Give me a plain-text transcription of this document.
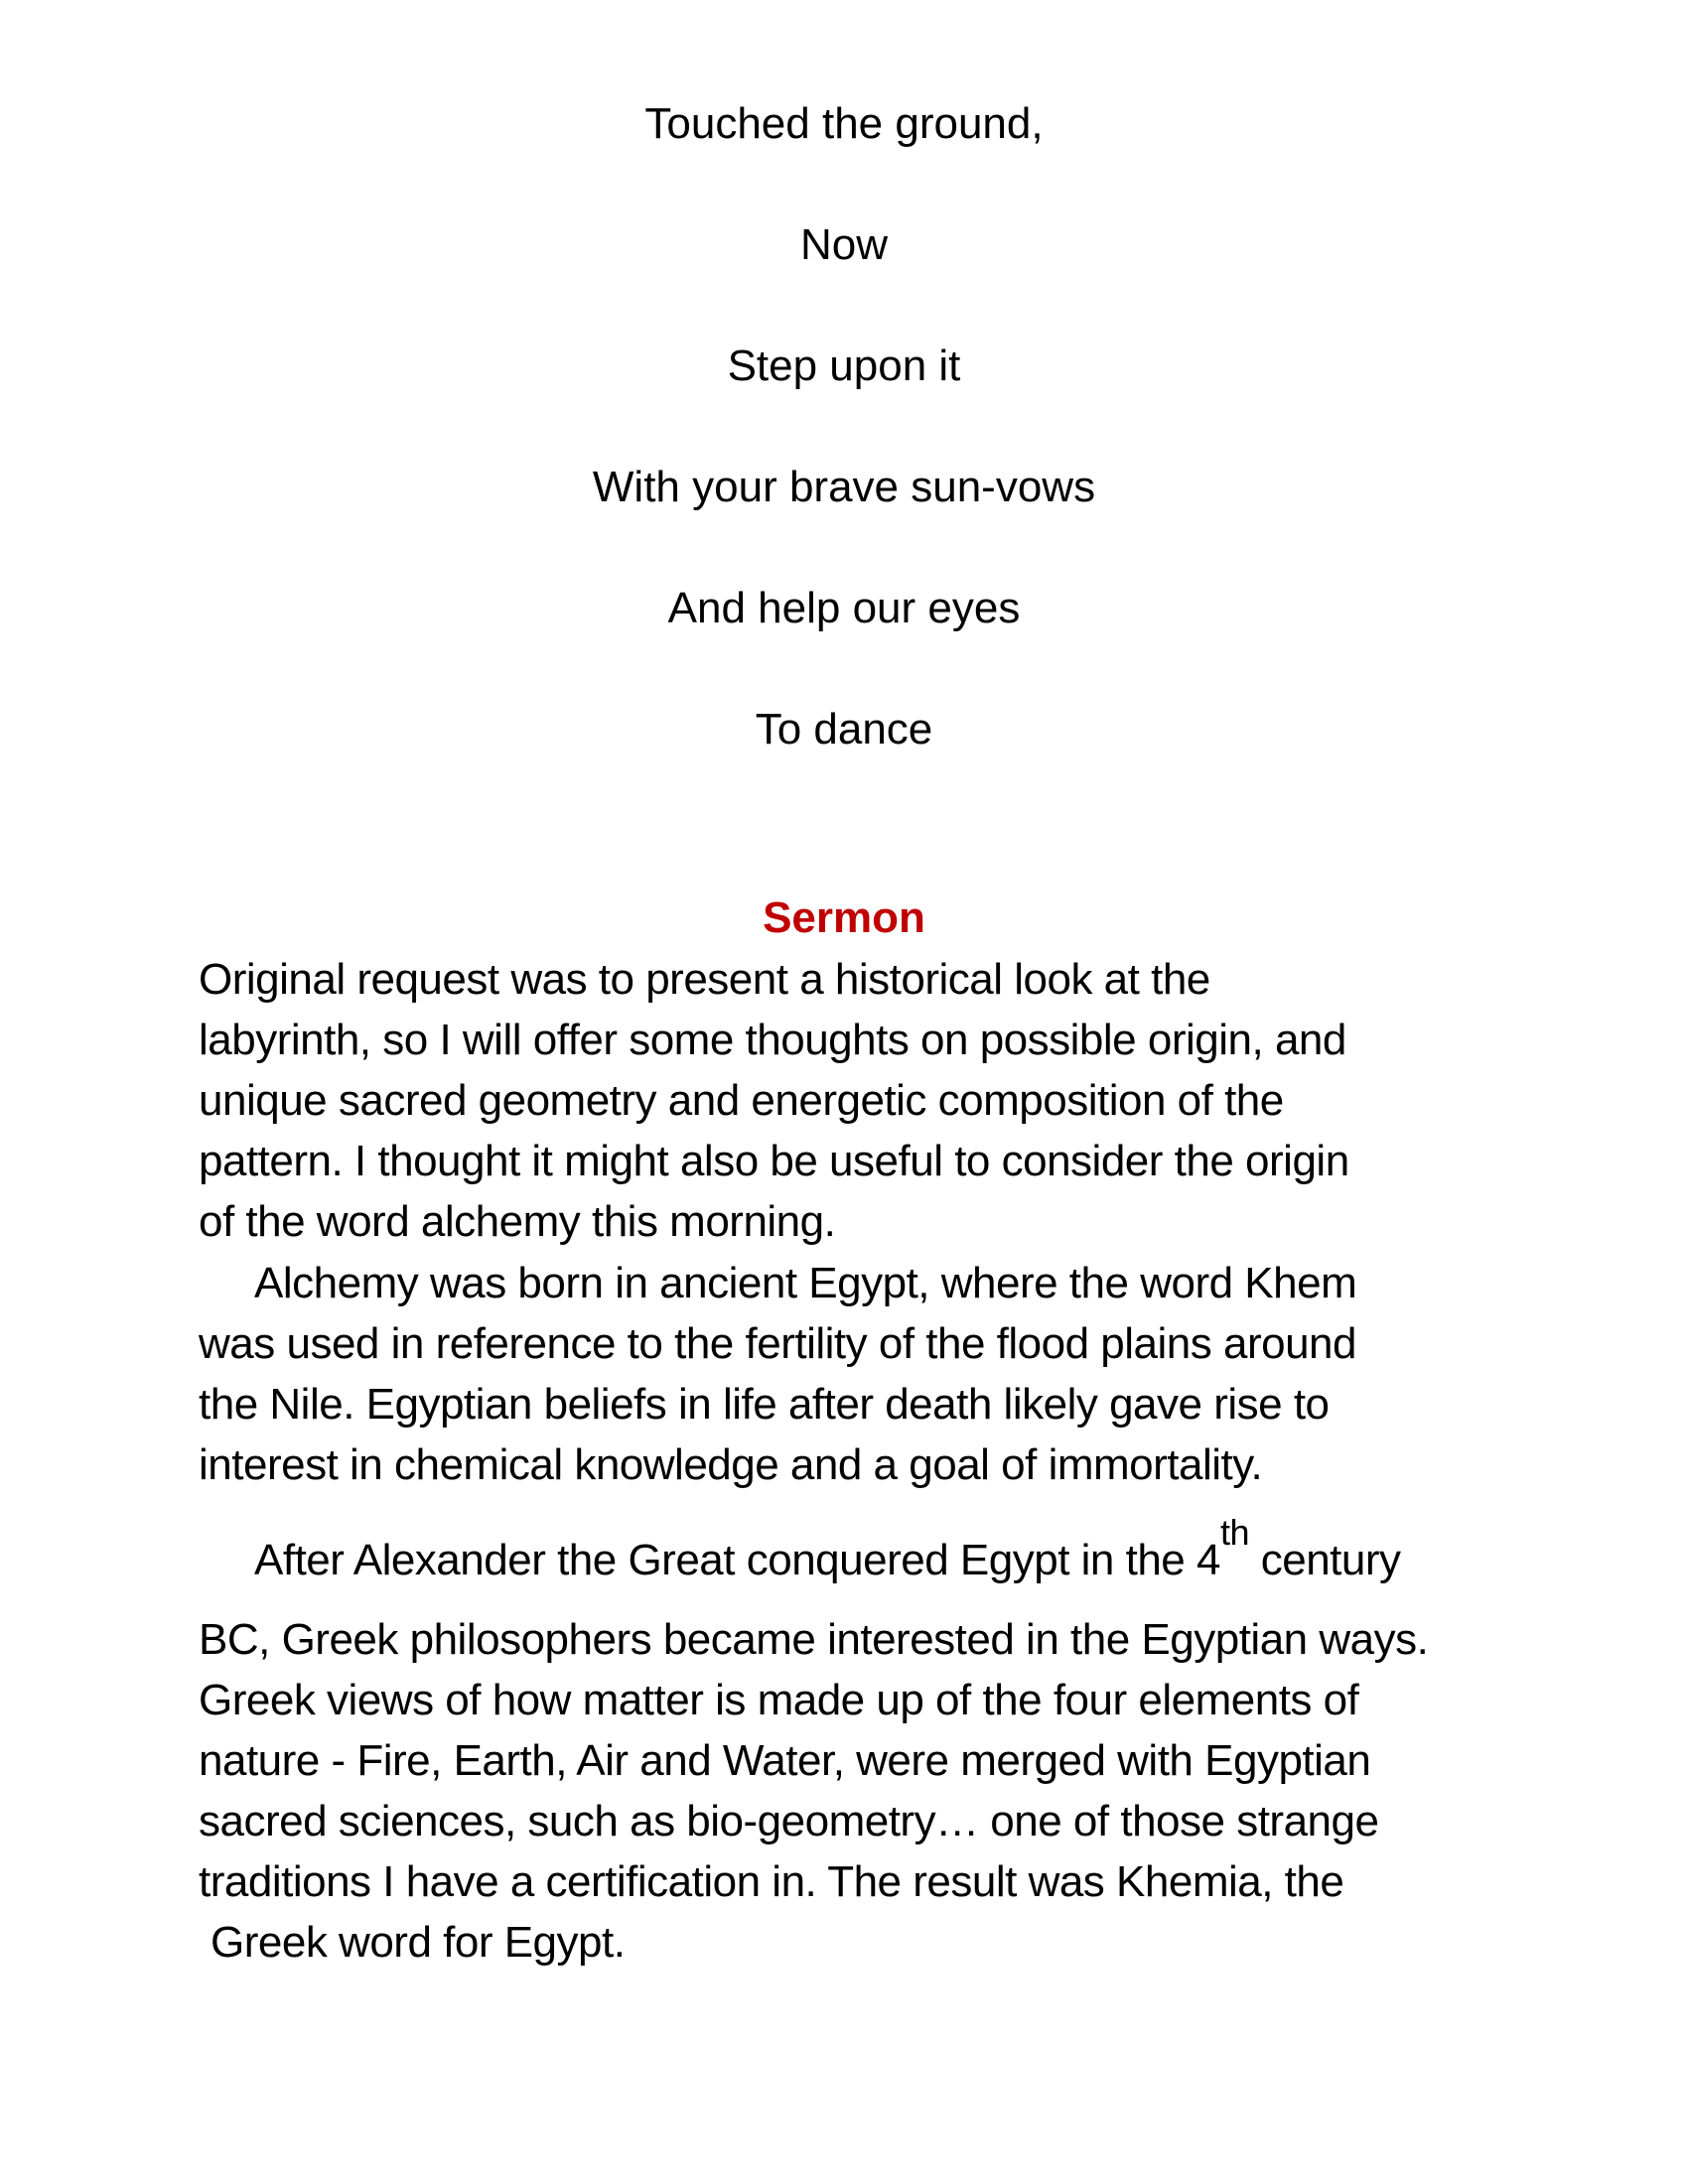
Touched the ground,
Now
Step upon it
With your brave sun-vows
And help our eyes
To dance
Sermon
Original request was to present a historical look at the
labyrinth, so I will offer some thoughts on possible origin, and
unique sacred geometry and energetic composition of the
pattern. I thought it might also be useful to consider the origin
of the word alchemy this morning.
Alchemy was born in ancient Egypt, where the word Khem
was used in reference to the fertility of the flood plains around
the Nile. Egyptian beliefs in life after death likely gave rise to
interest in chemical knowledge and a goal of immortality.
After Alexander the Great conquered Egypt in the 4th century
BC, Greek philosophers became interested in the Egyptian ways.
Greek views of how matter is made up of the four elements of
nature - Fire, Earth, Air and Water, were merged with Egyptian
sacred sciences, such as bio-geometry… one of those strange
traditions I have a certification in. The result was Khemia, the
Greek word for Egypt.
